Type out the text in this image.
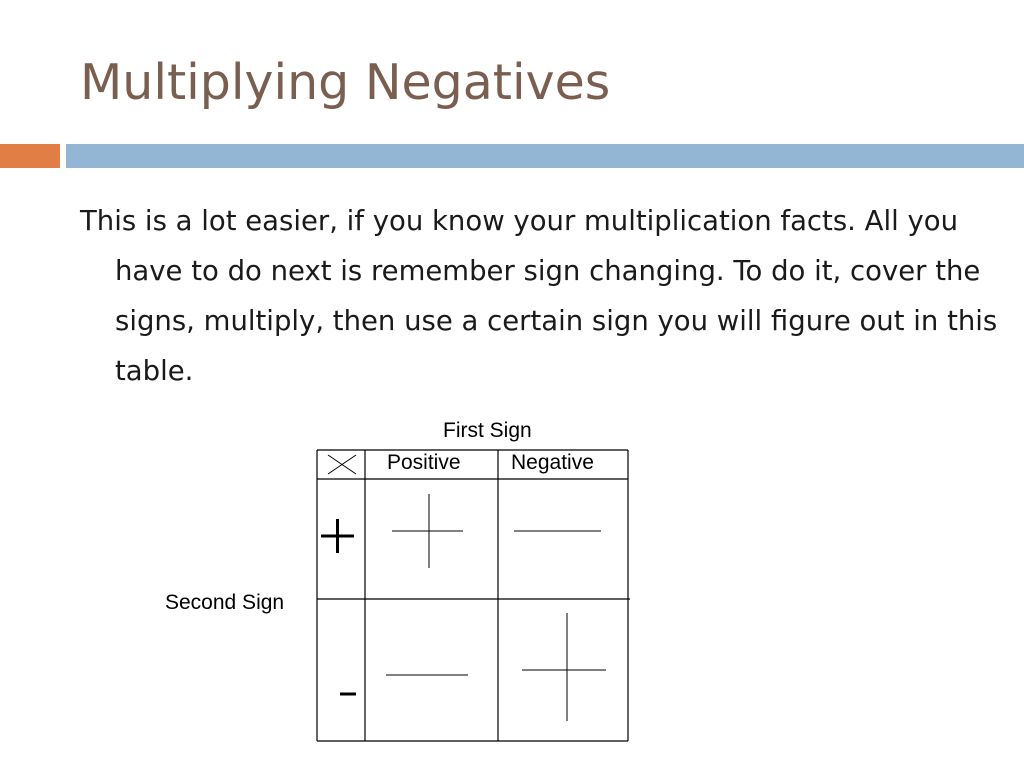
Multiplying Negatives

This is a lot easier, if you know your multiplication facts. All you have to do next is remember sign changing. To do it, cover the signs, multiply, then use a certain sign you will figure out in this table.

First Sign
Second Sign
Positive Negative
